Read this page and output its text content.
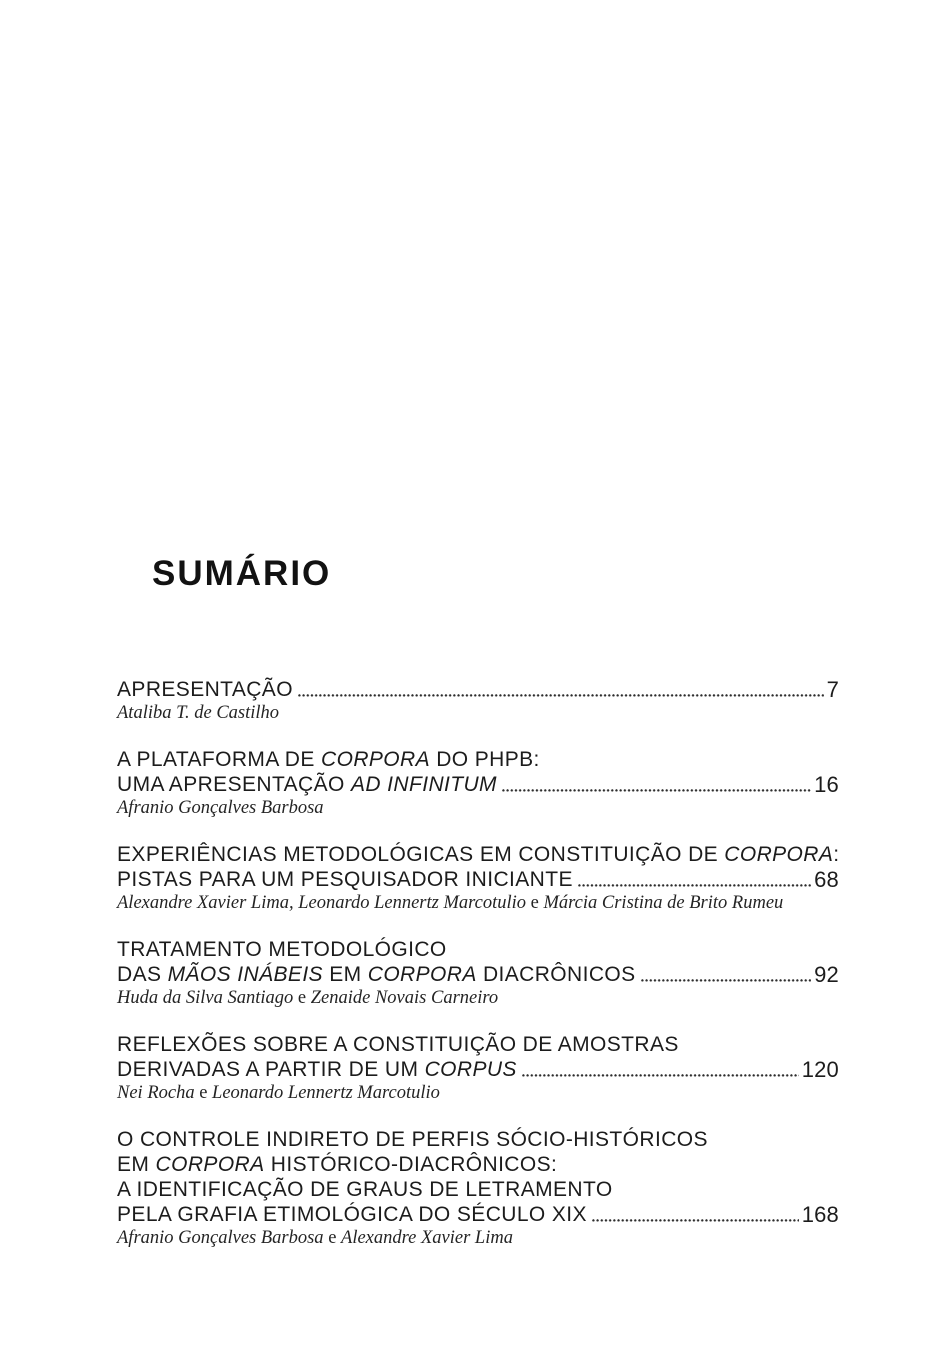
SUMÁRIO
APRESENTAÇÃO	7
Ataliba T. de Castilho
A PLATAFORMA DE CORPORA DO PHPB:
UMA APRESENTAÇÃO AD INFINITUM	16
Afranio Gonçalves Barbosa
EXPERIÊNCIAS METODOLÓGICAS EM CONSTITUIÇÃO DE CORPORA:
PISTAS PARA UM PESQUISADOR INICIANTE	68
Alexandre Xavier Lima, Leonardo Lennertz Marcotulio e Márcia Cristina de Brito Rumeu
TRATAMENTO METODOLÓGICO
DAS MÃOS INÁBEIS EM CORPORA DIACRÔNICOS	92
Huda da Silva Santiago e Zenaide Novais Carneiro
REFLEXÕES SOBRE A CONSTITUIÇÃO DE AMOSTRAS
DERIVADAS A PARTIR DE UM CORPUS	120
Nei Rocha e Leonardo Lennertz Marcotulio
O CONTROLE INDIRETO DE PERFIS SÓCIO-HISTÓRICOS
EM CORPORA HISTÓRICO-DIACRÔNICOS:
A IDENTIFICAÇÃO DE GRAUS DE LETRAMENTO
PELA GRAFIA ETIMOLÓGICA DO SÉCULO XIX	168
Afranio Gonçalves Barbosa e Alexandre Xavier Lima
